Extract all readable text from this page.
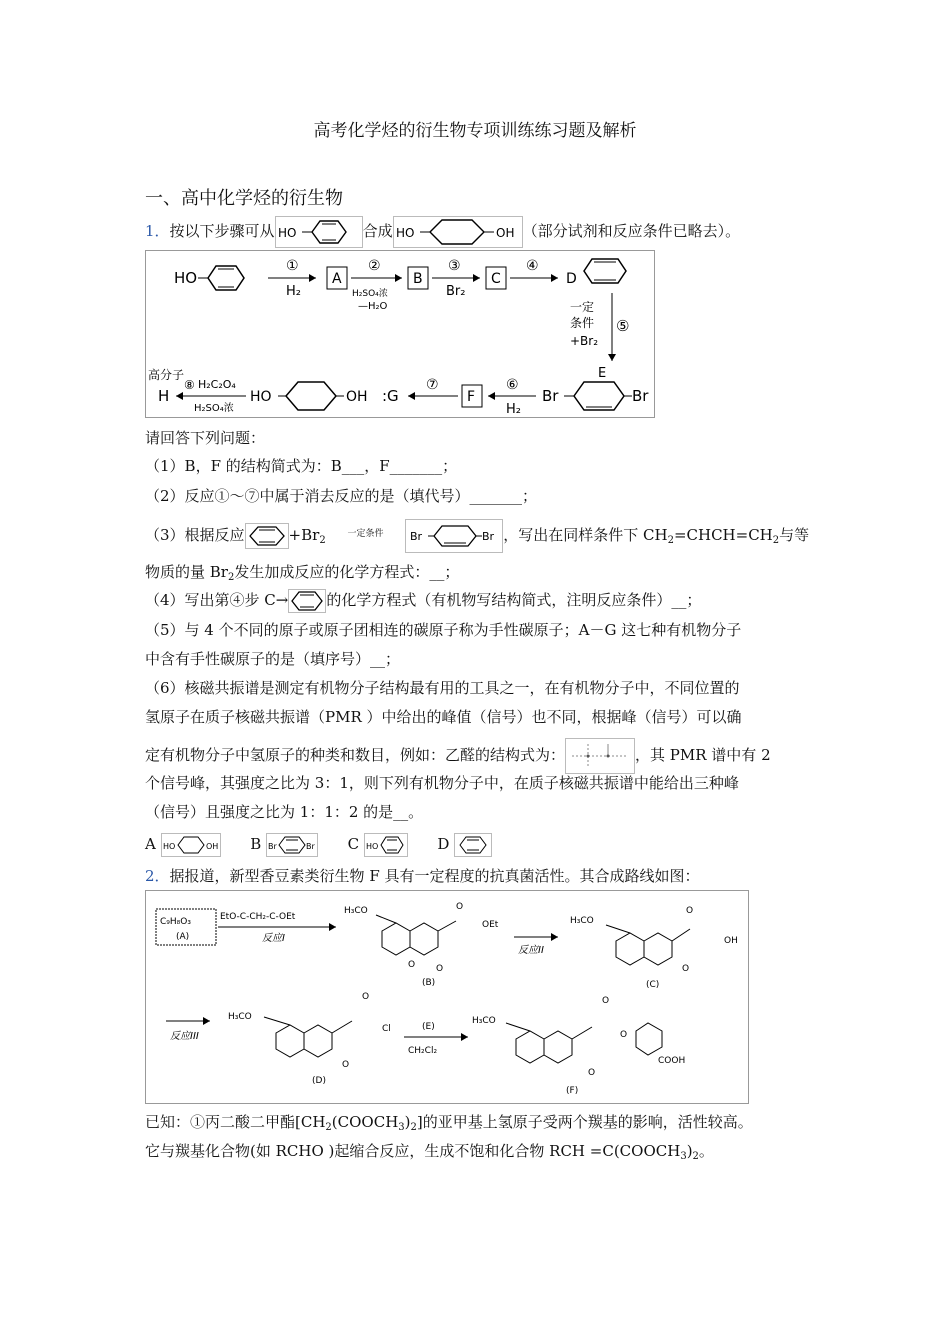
高考化学烃的衍生物专项训练练习题及解析
一、高中化学烃的衍生物
1．按以下步骤可从 HO	合成 HO	OH （部分试剂和反应条件已略去）。
HO
①
H₂
A
②
H₂SO₄浓
—H₂O
B
③
Br₂
C
④
D
一定
条件
+Br₂
⑤
E
Br	Br
⑥
H₂
F
⑦
:G
OH
HO
高分子
⑧ H₂C₂O₄
H₂SO₄浓
H
请回答下列问题：
（1）B，F 的结构简式为：B___，F_______；
（2）反应①～⑦中属于消去反应的是（填代号）_______；
（3）根据反应	$+Br_2$ 一定条件 Br	Br ，写出在同样条件下 $CH_2=CHCH=CH_2$与等
物质的量 $Br_2$发生加成反应的化学方程式：__；
（4）写出第④步 C→	的化学方程式（有机物写结构简式，注明反应条件）__；
（5）与 4 个不同的原子或原子团相连的碳原子称为手性碳原子；A－G 这七种有机物分子
中含有手性碳原子的是（填序号）__；
（6）核磁共振谱是测定有机物分子结构最有用的工具之一，在有机物分子中，不同位置的
氢原子在质子核磁共振谱（PMR ）中给出的峰值（信号）也不同，根据峰（信号）可以确
定有机物分子中氢原子的种类和数目，例如：乙醛的结构式为：	，其 PMR 谱中有 2
个信号峰，其强度之比为 3：1，则下列有机物分子中，在质子核磁共振谱中能给出三种峰
（信号）且强度之比为 1：1：2 的是__。
A HO	OH B Br	Br C HO	D
2．据报道，新型香豆素类衍生物 F 具有一定程度的抗真菌活性。其合成路线如图：
C₉H₈O₃
(A)
EtO-C-CH₂-C-OEt
反应I
H₃CO	O
OEt
O O
(B)
反应II
H₃CO
O
OH
O
(C)
反应III
H₃CO
O
Cl
O
(D)
(E)
CH₂Cl₂
H₃CO
O
O
COOH
O
(F)
已知：①丙二酸二甲酯$[CH_2(COOCH_3)_2]$的亚甲基上氢原子受两个羰基的影响，活性较高。
它与羰基化合物(如 RCHO )起缩合反应，生成不饱和化合物 RCH $=C(COOCH_3)_2$。
